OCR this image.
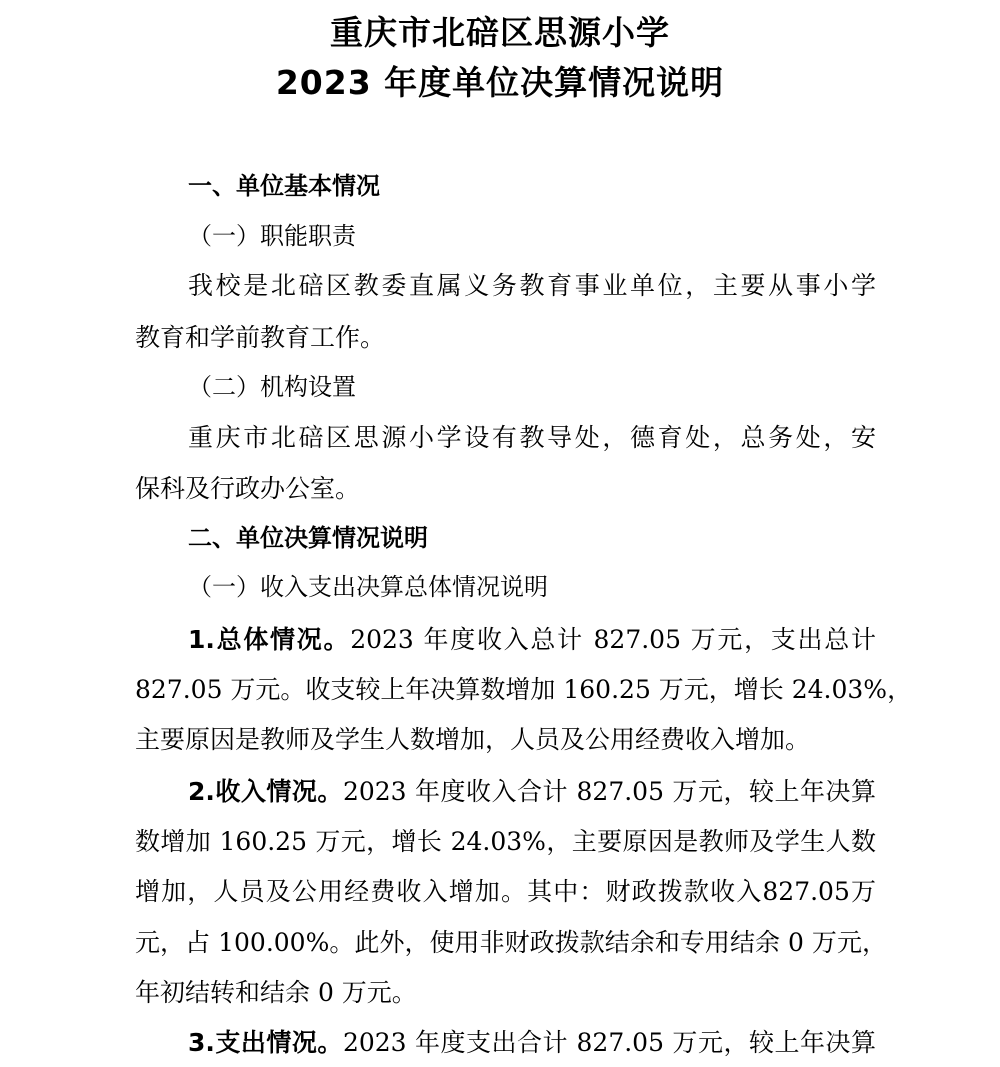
重庆市北碚区思源小学
2023 年度单位决算情况说明
一、单位基本情况
（一）职能职责
我校是北碚区教委直属义务教育事业单位，主要从事小学
教育和学前教育工作。
（二）机构设置
重庆市北碚区思源小学设有教导处，德育处，总务处，安
保科及行政办公室。
二、单位决算情况说明
（一）收入支出决算总体情况说明
1.总体情况。2023 年度收入总计 827.05 万元，支出总计
827.05 万元。收支较上年决算数增加 160.25 万元，增长 24.03%，
主要原因是教师及学生人数增加，人员及公用经费收入增加。
2.收入情况。2023 年度收入合计 827.05 万元，较上年决算
数增加 160.25 万元，增长 24.03%，主要原因是教师及学生人数
增加，人员及公用经费收入增加。其中：财政拨款收入827.05万
元，占 100.00%。此外，使用非财政拨款结余和专用结余 0 万元，
年初结转和结余 0 万元。
3.支出情况。2023 年度支出合计 827.05 万元，较上年决算
